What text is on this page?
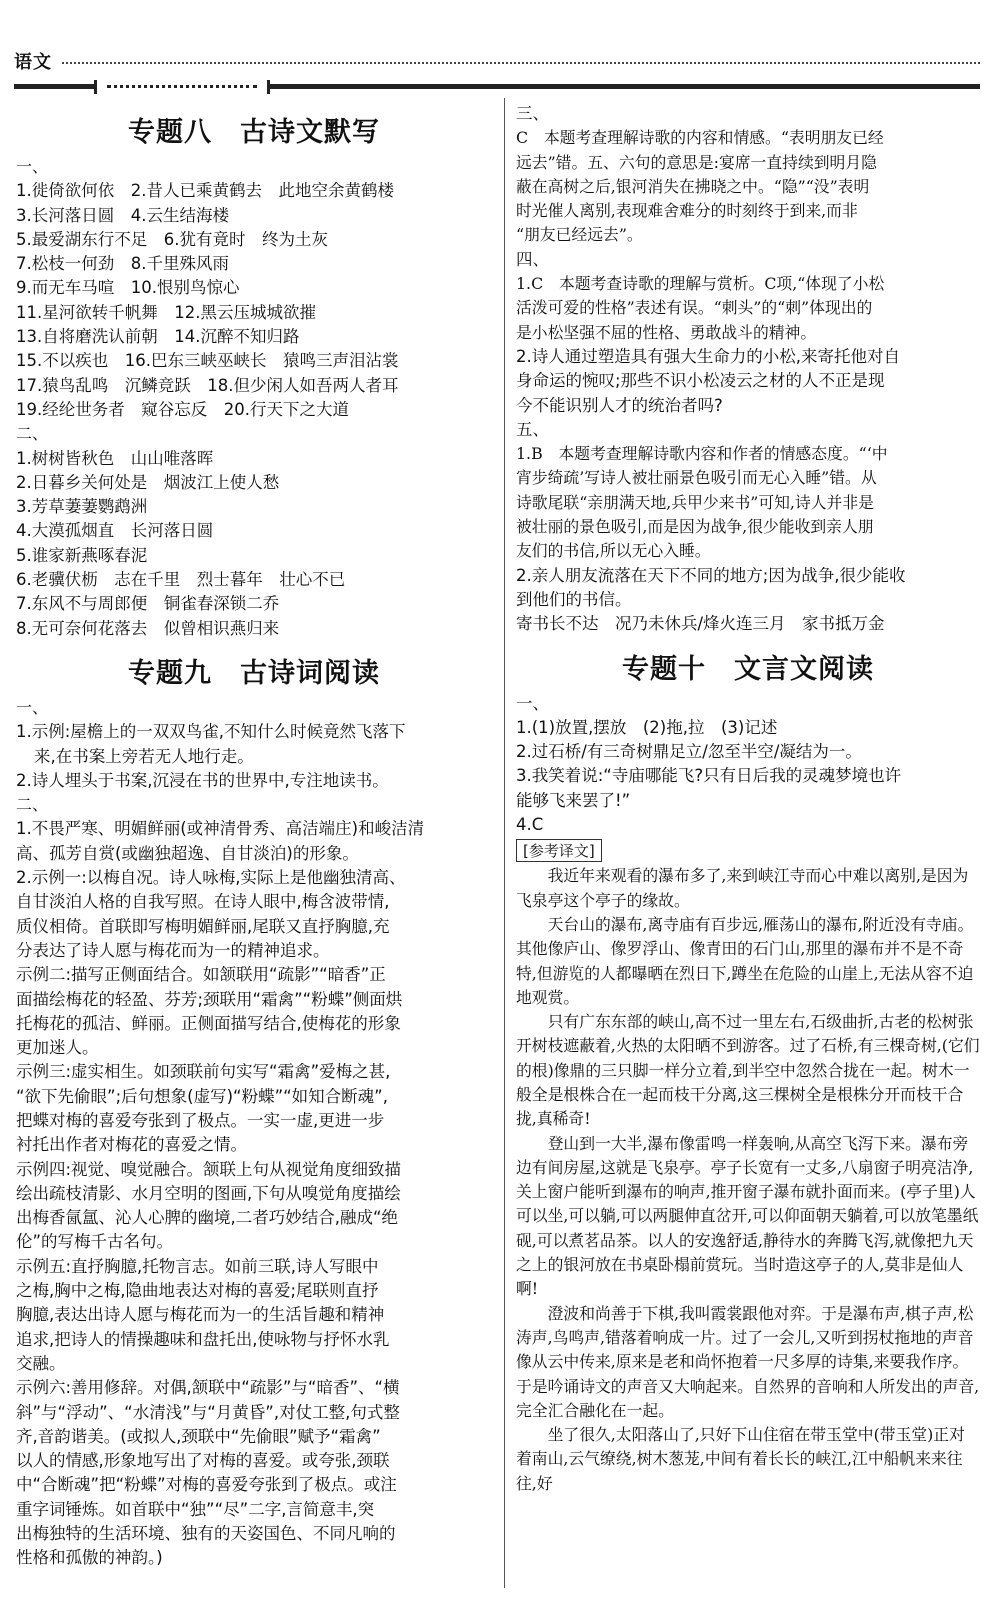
语文
专题八　古诗文默写

一、

1.徙倚欲何依　2.昔人已乘黄鹤去　此地空余黄鹤楼

3.长河落日圆　4.云生结海楼

5.最爱湖东行不足　6.犹有竟时　终为土灰

7.松枝一何劲　8.千里殊风雨

9.而无车马喧　10.恨别鸟惊心

11.星河欲转千帆舞　12.黑云压城城欲摧

13.自将磨洗认前朝　14.沉醉不知归路

15.不以疾也　16.巴东三峡巫峡长　猿鸣三声泪沾裳

17.猿鸟乱鸣　沉鳞竞跃　18.但少闲人如吾两人者耳

19.经纶世务者　窥谷忘反　20.行天下之大道

二、

1.树树皆秋色　山山唯落晖

2.日暮乡关何处是　烟波江上使人愁

3.芳草萋萋鹦鹉洲

4.大漠孤烟直　长河落日圆

5.谁家新燕啄春泥

6.老骥伏枥　志在千里　烈士暮年　壮心不已

7.东风不与周郎便　铜雀春深锁二乔

8.无可奈何花落去　似曾相识燕归来

专题九　古诗词阅读

一、

1.示例:屋檐上的一双双鸟雀,不知什么时候竟然飞落下

来,在书案上旁若无人地行走。

2.诗人埋头于书案,沉浸在书的世界中,专注地读书。

二、

1.不畏严寒、明媚鲜丽(或神清骨秀、高洁端庄)和峻洁清

高、孤芳自赏(或幽独超逸、自甘淡泊)的形象。

2.示例一:以梅自况。诗人咏梅,实际上是他幽独清高、

自甘淡泊人格的自我写照。在诗人眼中,梅含波带情,

质仪相倚。首联即写梅明媚鲜丽,尾联又直抒胸臆,充

分表达了诗人愿与梅花而为一的精神追求。

示例二:描写正侧面结合。如颔联用“疏影”“暗香”正

面描绘梅花的轻盈、芬芳;颈联用“霜禽”“粉蝶”侧面烘

托梅花的孤洁、鲜丽。正侧面描写结合,使梅花的形象

更加迷人。

示例三:虚实相生。如颈联前句实写“霜禽”爱梅之甚,

“欲下先偷眼”;后句想象(虚写)“粉蝶”“如知合断魂”,

把蝶对梅的喜爱夸张到了极点。一实一虚,更进一步

衬托出作者对梅花的喜爱之情。

示例四:视觉、嗅觉融合。颔联上句从视觉角度细致描

绘出疏枝清影、水月空明的图画,下句从嗅觉角度描绘

出梅香氤氲、沁人心脾的幽境,二者巧妙结合,融成“绝

伦”的写梅千古名句。

示例五:直抒胸臆,托物言志。如前三联,诗人写眼中

之梅,胸中之梅,隐曲地表达对梅的喜爱;尾联则直抒

胸臆,表达出诗人愿与梅花而为一的生活旨趣和精神

追求,把诗人的情操趣味和盘托出,使咏物与抒怀水乳

交融。

示例六:善用修辞。对偶,颔联中“疏影”与“暗香”、“横

斜”与“浮动”、“水清浅”与“月黄昏”,对仗工整,句式整

齐,音韵谐美。(或拟人,颈联中“先偷眼”赋予“霜禽”

以人的情感,形象地写出了对梅的喜爱。或夸张,颈联

中“合断魂”把“粉蝶”对梅的喜爱夸张到了极点。或注

重字词锤炼。如首联中“独”“尽”二字,言简意丰,突

出梅独特的生活环境、独有的天姿国色、不同凡响的

性格和孤傲的神韵。)

三、

C　本题考查理解诗歌的内容和情感。“表明朋友已经

远去”错。五、六句的意思是:宴席一直持续到明月隐

蔽在高树之后,银河消失在拂晓之中。“隐”“没”表明

时光催人离别,表现难舍难分的时刻终于到来,而非

“朋友已经远去”。

四、

1.C　本题考查诗歌的理解与赏析。C项,“体现了小松

活泼可爱的性格”表述有误。“刺头”的“刺”体现出的

是小松坚强不屈的性格、勇敢战斗的精神。

2.诗人通过塑造具有强大生命力的小松,来寄托他对自

身命运的惋叹;那些不识小松凌云之材的人不正是现

今不能识别人才的统治者吗?

五、

1.B　本题考查理解诗歌内容和作者的情感态度。“‘中

宵步绮疏’写诗人被壮丽景色吸引而无心入睡”错。从

诗歌尾联“亲朋满天地,兵甲少来书”可知,诗人并非是

被壮丽的景色吸引,而是因为战争,很少能收到亲人朋

友们的书信,所以无心入睡。

2.亲人朋友流落在天下不同的地方;因为战争,很少能收

到他们的书信。

寄书长不达　况乃未休兵/烽火连三月　家书抵万金

专题十　文言文阅读

一、

1.(1)放置,摆放　(2)拖,拉　(3)记述

2.过石桥/有三奇树鼎足立/忽至半空/凝结为一。

3.我笑着说:“寺庙哪能飞?只有日后我的灵魂梦境也许

能够飞来罢了!”

4.C

[参考译文]

我近年来观看的瀑布多了,来到峡江寺而心中难以离别,是因为飞泉亭这个亭子的缘故。

天台山的瀑布,离寺庙有百步远,雁荡山的瀑布,附近没有寺庙。其他像庐山、像罗浮山、像青田的石门山,那里的瀑布并不是不奇特,但游览的人都曝晒在烈日下,蹲坐在危险的山崖上,无法从容不迫地观赏。

只有广东东部的峡山,高不过一里左右,石级曲折,古老的松树张开树枝遮蔽着,火热的太阳晒不到游客。过了石桥,有三棵奇树,(它们的根)像鼎的三只脚一样分立着,到半空中忽然合拢在一起。树木一般全是根株合在一起而枝干分离,这三棵树全是根株分开而枝干合拢,真稀奇!

登山到一大半,瀑布像雷鸣一样轰响,从高空飞泻下来。瀑布旁边有间房屋,这就是飞泉亭。亭子长宽有一丈多,八扇窗子明亮洁净,关上窗户能听到瀑布的响声,推开窗子瀑布就扑面而来。(亭子里)人可以坐,可以躺,可以两腿伸直岔开,可以仰面朝天躺着,可以放笔墨纸砚,可以煮茗品茶。以人的安逸舒适,静待水的奔腾飞泻,就像把九天之上的银河放在书桌卧榻前赏玩。当时造这亭子的人,莫非是仙人啊!

澄波和尚善于下棋,我叫霞裳跟他对弈。于是瀑布声,棋子声,松涛声,鸟鸣声,错落着响成一片。过了一会儿,又听到拐杖拖地的声音像从云中传来,原来是老和尚怀抱着一尺多厚的诗集,来要我作序。于是吟诵诗文的声音又大响起来。自然界的音响和人所发出的声音,完全汇合融化在一起。

坐了很久,太阳落山了,只好下山住宿在带玉堂中(带玉堂)正对着南山,云气缭绕,树木葱茏,中间有着长长的峡江,江中船帆来来往往,好
